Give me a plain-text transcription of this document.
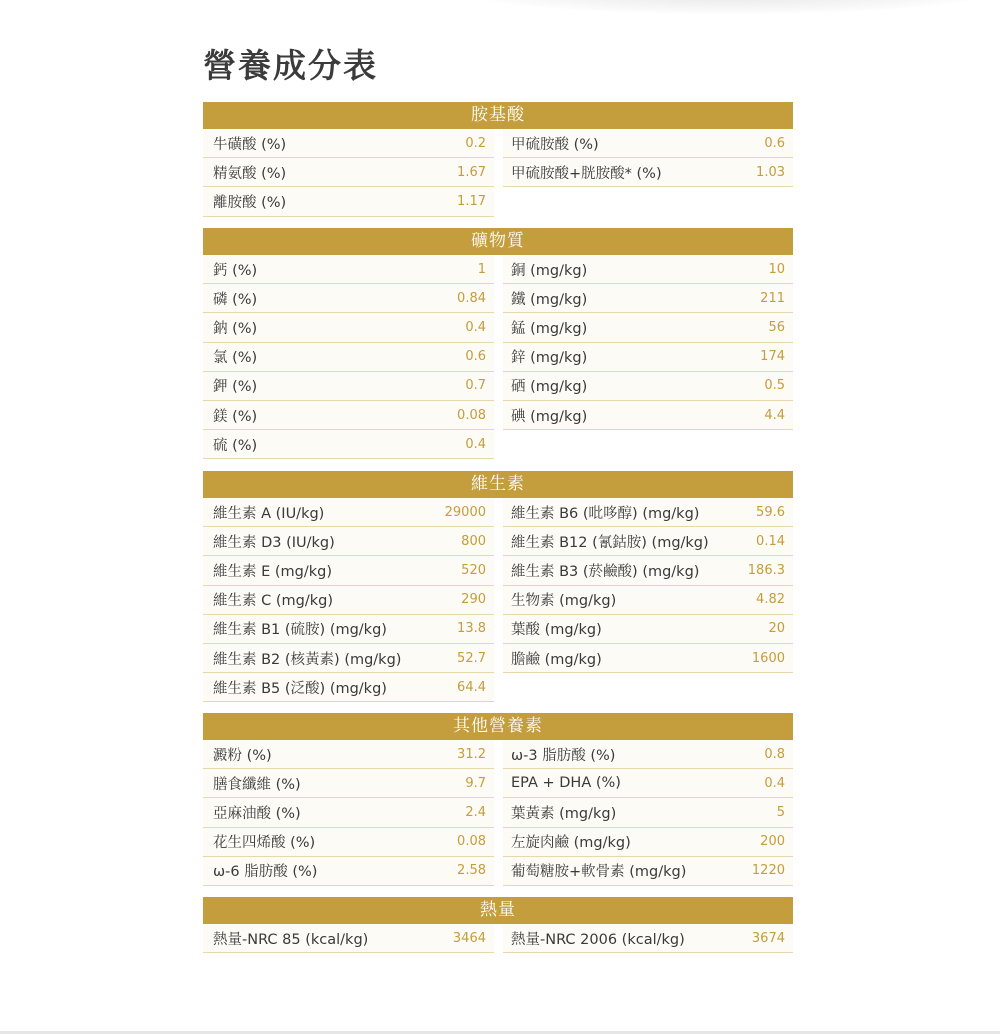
營養成分表
胺基酸
牛磺酸 (%)	0.2 甲硫胺酸 (%)	0.6
精氨酸 (%)	1.67 甲硫胺酸+胱胺酸* (%)	1.03
離胺酸 (%)	1.17
礦物質
鈣 (%)	1 銅 (mg/kg)	10
磷 (%)	0.84 鐵 (mg/kg)	211
鈉 (%)	0.4 錳 (mg/kg)	56
氯 (%)	0.6 鋅 (mg/kg)	174
鉀 (%)	0.7 硒 (mg/kg)	0.5
鎂 (%)	0.08 碘 (mg/kg)	4.4
硫 (%)	0.4
維生素
維生素 A (IU/kg)	29000 維生素 B6 (吡哆醇) (mg/kg)	59.6
維生素 D3 (IU/kg)	800 維生素 B12 (氰鈷胺) (mg/kg)	0.14
維生素 E (mg/kg)	520 維生素 B3 (菸鹼酸) (mg/kg)	186.3
維生素 C (mg/kg)	290 生物素 (mg/kg)	4.82
維生素 B1 (硫胺) (mg/kg)	13.8 葉酸 (mg/kg)	20
維生素 B2 (核黃素) (mg/kg)	52.7 膽鹼 (mg/kg)	1600
維生素 B5 (泛酸) (mg/kg)	64.4
其他營養素
澱粉 (%)	31.2 ω-3 脂肪酸 (%)	0.8
膳食纖維 (%)	9.7 EPA + DHA (%)	0.4
亞麻油酸 (%)	2.4 葉黃素 (mg/kg)	5
花生四烯酸 (%)	0.08 左旋肉鹼 (mg/kg)	200
ω-6 脂肪酸 (%)	2.58 葡萄糖胺+軟骨素 (mg/kg)	1220
熱量
熱量-NRC 85 (kcal/kg)	3464 熱量-NRC 2006 (kcal/kg)	3674
